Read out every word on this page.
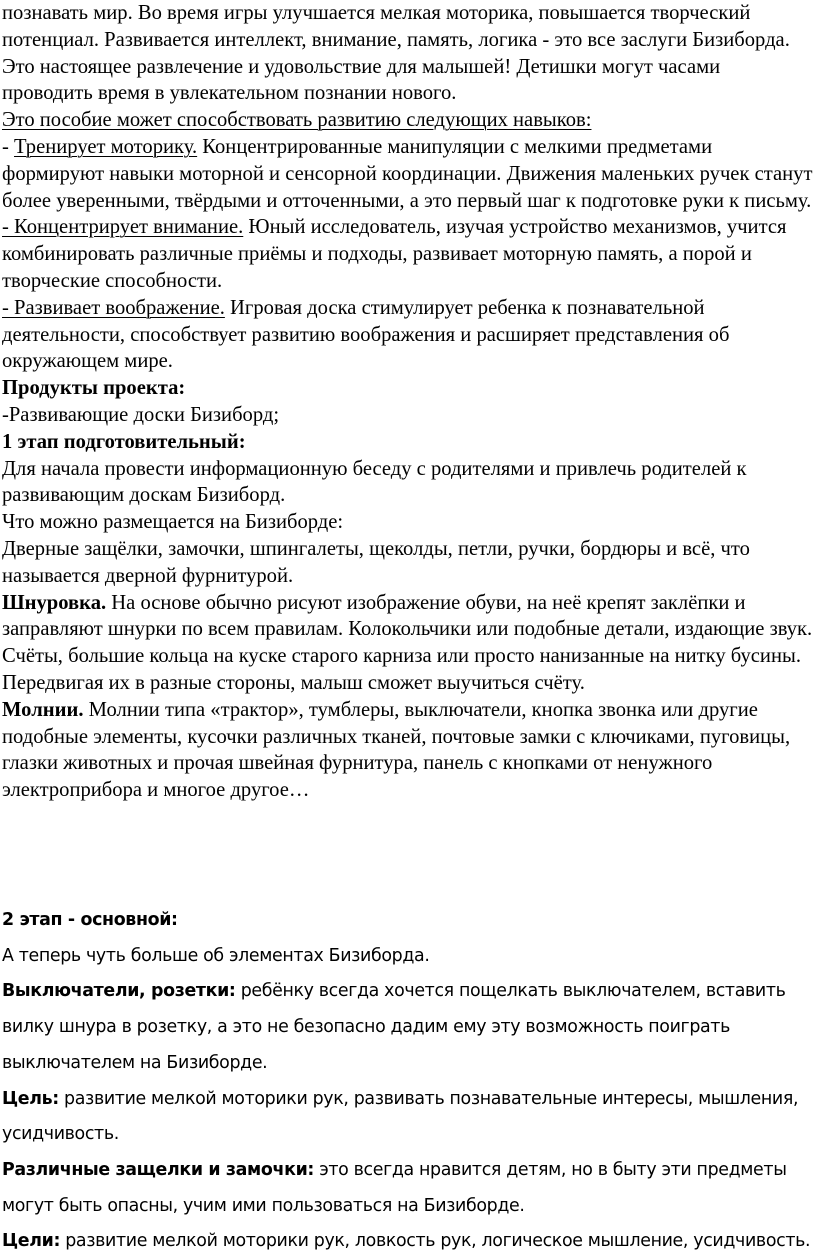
познавать мир. Во время игры улучшается мелкая моторика, повышается творческий потенциал. Развивается интеллект, внимание, память, логика - это все заслуги Бизиборда. Это настоящее развлечение и удовольствие для малышей! Детишки могут часами проводить время в увлекательном познании нового.

Это пособие может способствовать развитию следующих навыков:

- Тренирует моторику. Концентрированные манипуляции с мелкими предметами формируют навыки моторной и сенсорной координации. Движения маленьких ручек станут более уверенными, твёрдыми и отточенными, а это первый шаг к подготовке руки к письму.

- Концентрирует внимание. Юный исследователь, изучая устройство механизмов, учится комбинировать различные приёмы и подходы, развивает моторную память, а порой и творческие способности.

- Развивает воображение. Игровая доска стимулирует ребенка к познавательной деятельности, способствует развитию воображения и расширяет представления об окружающем мире.

Продукты проекта:

-Развивающие доски Бизиборд;

1 этап подготовительный:

Для начала провести информационную беседу с родителями и привлечь родителей к развивающим доскам Бизиборд.

Что можно размещается на Бизиборде:

Дверные защёлки, замочки, шпингалеты, щеколды, петли, ручки, бордюры и всё, что называется дверной фурнитурой.

Шнуровка. На основе обычно рисуют изображение обуви, на неё крепят заклёпки и заправляют шнурки по всем правилам. Колокольчики или подобные детали, издающие звук. Счёты, большие кольца на куске старого карниза или просто нанизанные на нитку бусины. Передвигая их в разные стороны, малыш сможет выучиться счёту.

Молнии. Молнии типа «трактор», тумблеры, выключатели, кнопка звонка или другие подобные элементы, кусочки различных тканей, почтовые замки с ключиками, пуговицы, глазки животных и прочая швейная фурнитура, панель с кнопками от ненужного электроприбора и многое другое…

2 этап - основной:

А теперь чуть больше об элементах Бизиборда.

Выключатели, розетки: ребёнку всегда хочется пощелкать выключателем, вставить вилку шнура в розетку, а это не безопасно дадим ему эту возможность поиграть выключателем на Бизиборде.

Цель: развитие мелкой моторики рук, развивать познавательные интересы, мышления, усидчивость.

Различные защелки и замочки: это всегда нравится детям, но в быту эти предметы могут быть опасны, учим ими пользоваться на Бизиборде.

Цели: развитие мелкой моторики рук, ловкость рук, логическое мышление, усидчивость.
